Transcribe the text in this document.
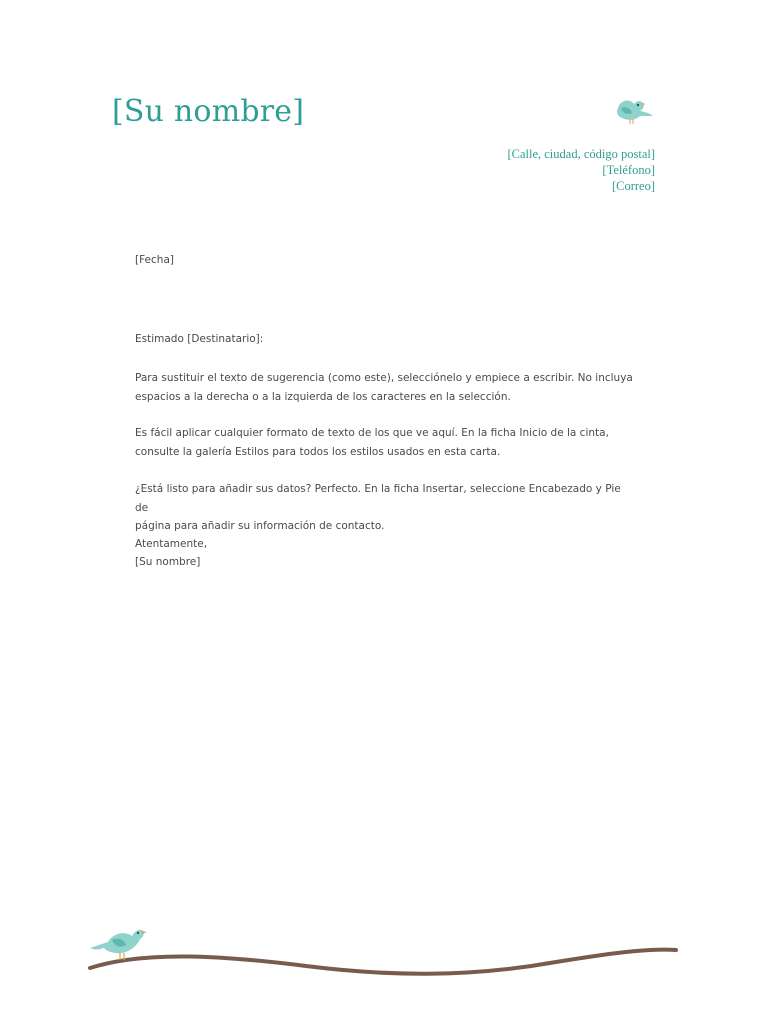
[Su nombre]
[Calle, ciudad, código postal]
[Teléfono]
[Correo]
[Fecha]
Estimado [Destinatario]:
Para sustituir el texto de sugerencia (como este), selecciónelo y empiece a escribir. No incluya
espacios a la derecha o a la izquierda de los caracteres en la selección.
Es fácil aplicar cualquier formato de texto de los que ve aquí. En la ficha Inicio de la cinta,
consulte la galería Estilos para todos los estilos usados en esta carta.
¿Está listo para añadir sus datos? Perfecto. En la ficha Insertar, seleccione Encabezado y Pie de
página para añadir su información de contacto.
Atentamente,
[Su nombre]
